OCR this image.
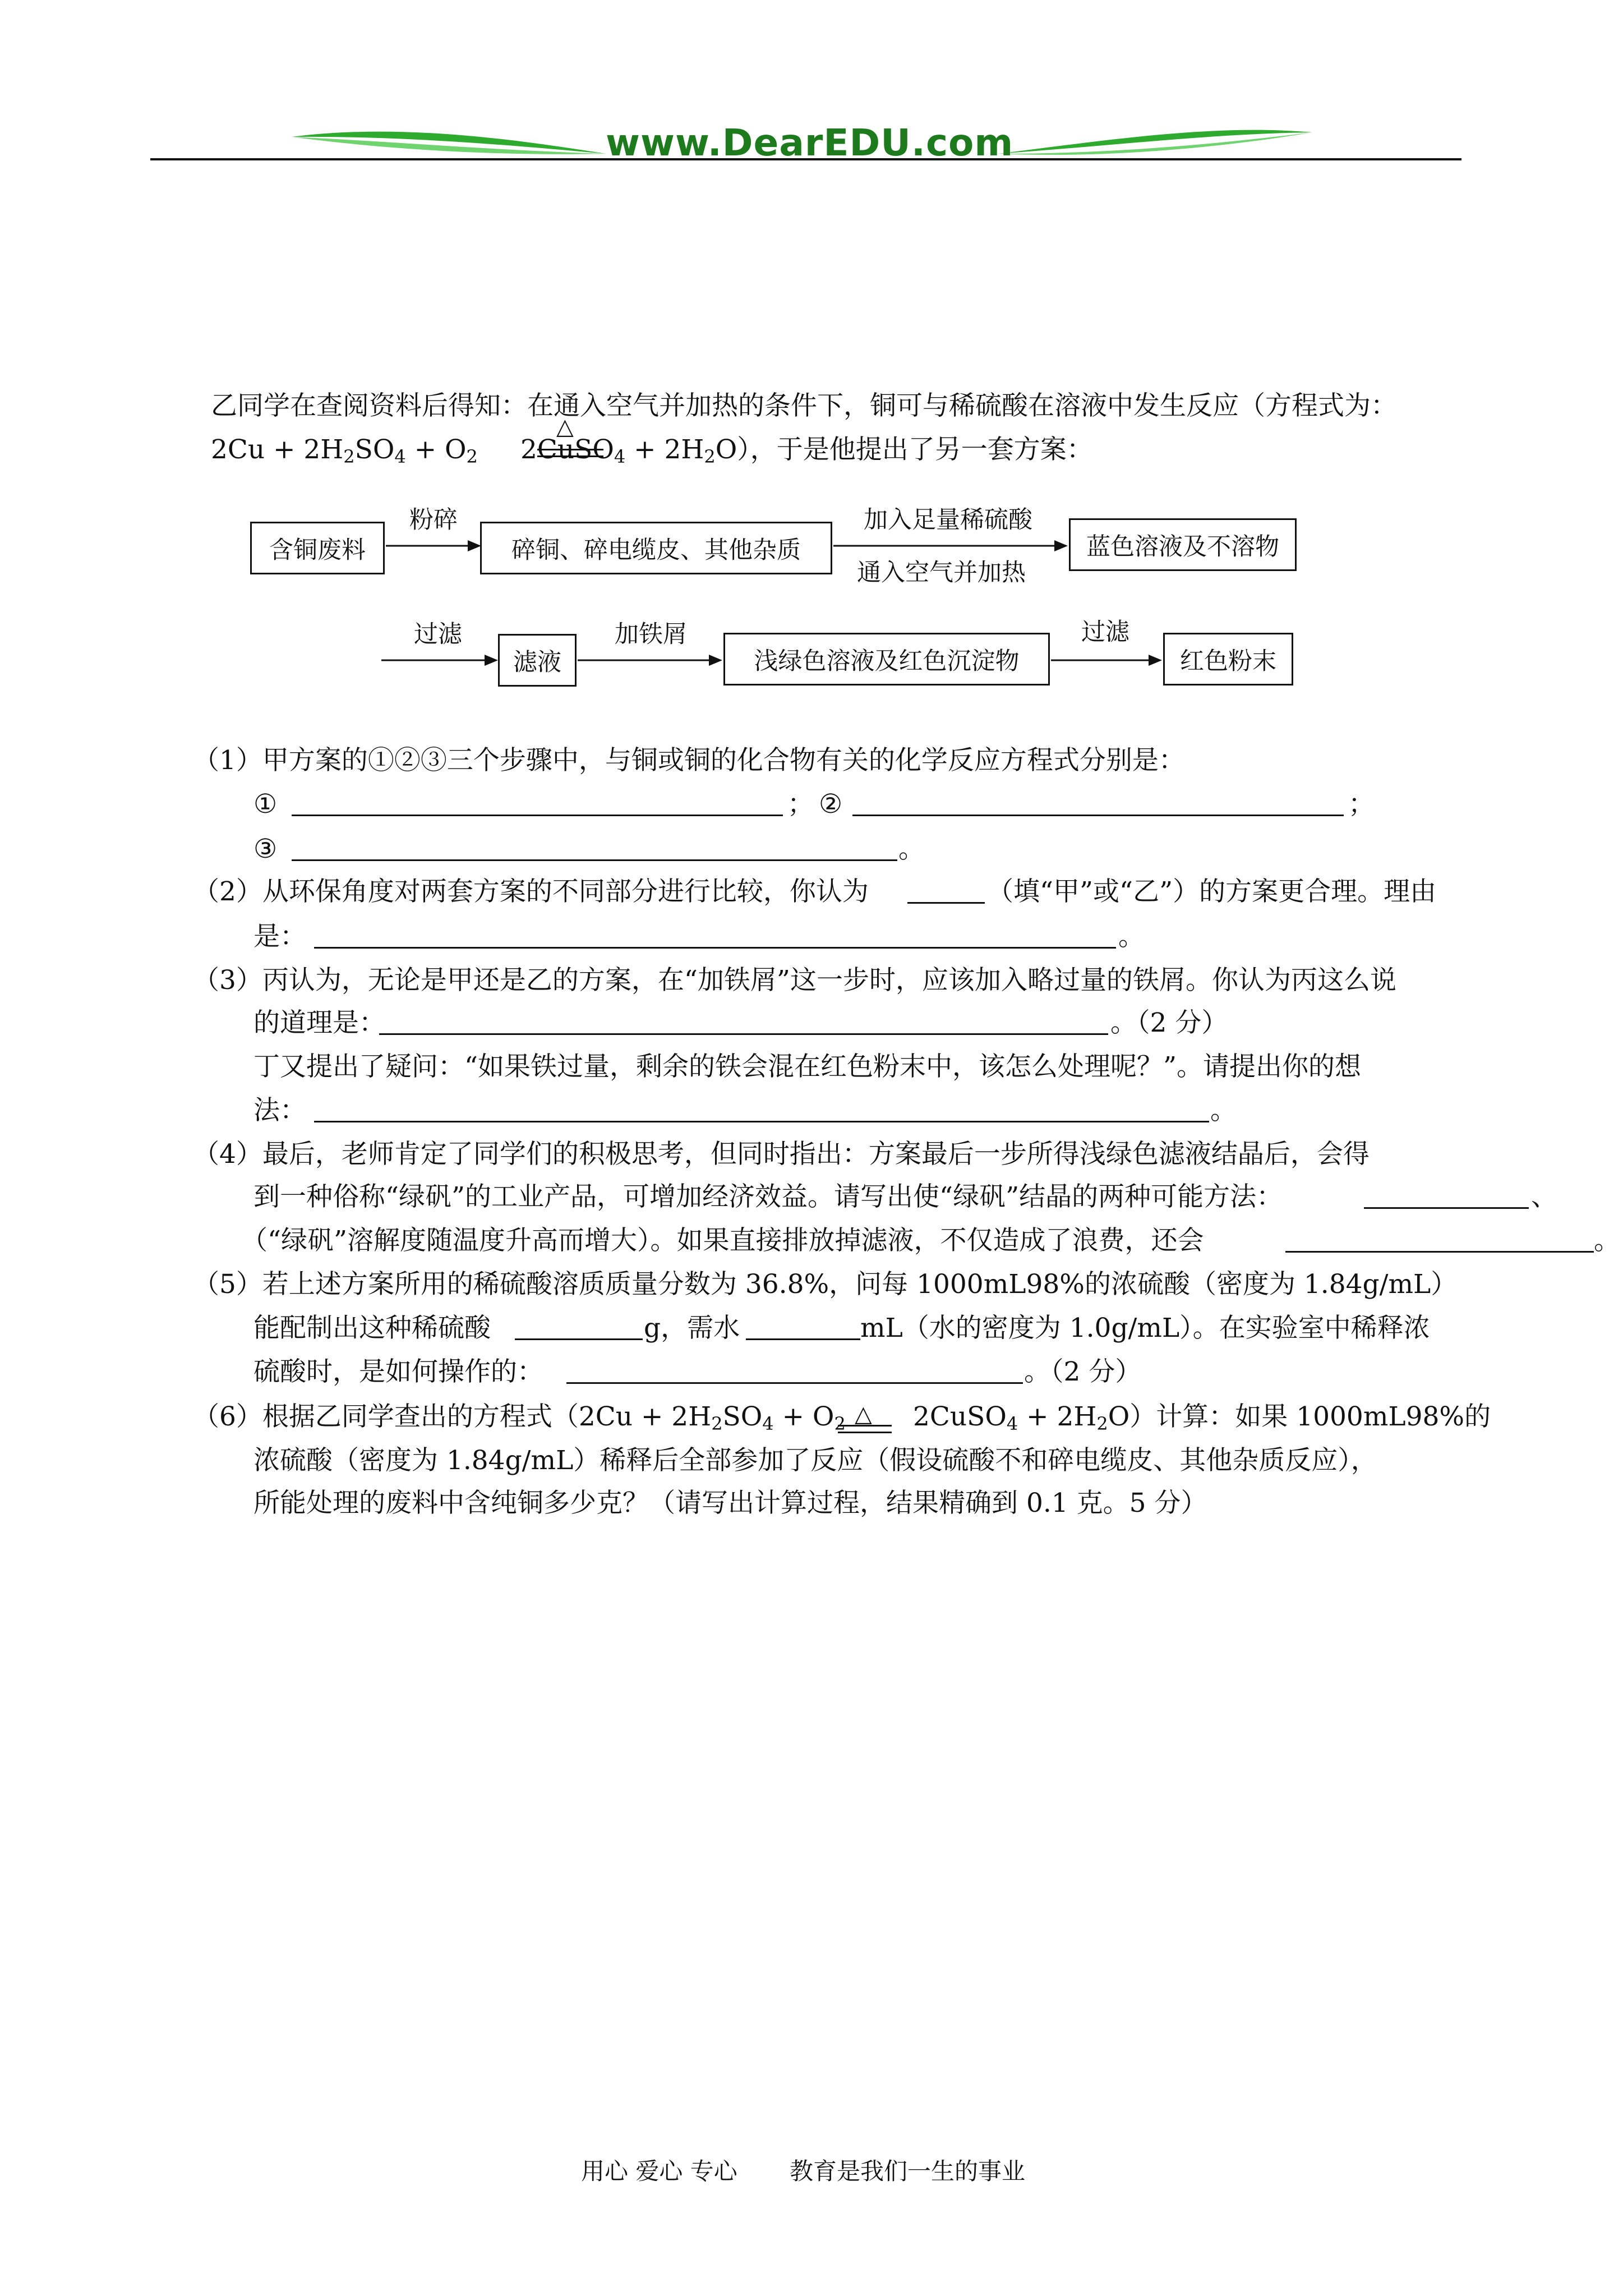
www.DearEDU.com
乙同学在查阅资料后得知：在通入空气并加热的条件下，铜可与稀硫酸在溶液中发生反应（方程式为：
$2Cu + 2H_2SO_4 + O_2$
△
2CuSO$_4$ + $2H_2O$），于是他提出了另一套方案：
含铜废料
粉碎
碎铜、碎电缆皮、其他杂质
加入足量稀硫酸
通入空气并加热
蓝色溶液及不溶物
过滤
滤液
加铁屑
浅绿色溶液及红色沉淀物
过滤
红色粉末
（1）甲方案的①②③三个步骤中，与铜或铜的化合物有关的化学反应方程式分别是：
①	； ②	；
③	。
（2）从环保角度对两套方案的不同部分进行比较，你认为	（填“甲”或“乙”）的方案更合理。理由
是：	。
（3）丙认为，无论是甲还是乙的方案，在“加铁屑”这一步时，应该加入略过量的铁屑。你认为丙这么说
的道理是：	。（2 分）
丁又提出了疑问：“如果铁过量，剩余的铁会混在红色粉末中，该怎么处理呢？”。请提出你的想
法：	。
（4）最后，老师肯定了同学们的积极思考，但同时指出：方案最后一步所得浅绿色滤液结晶后，会得
到一种俗称“绿矾”的工业产品，可增加经济效益。请写出使“绿矾”结晶的两种可能方法：	、
（“绿矾”溶解度随温度升高而增大）。如果直接排放掉滤液，不仅造成了浪费，还会	。
（5）若上述方案所用的稀硫酸溶质质量分数为 36.8%，问每 1000mL98%的浓硫酸（密度为 1.84g/mL）
能配制出这种稀硫酸	g，需水	mL（水的密度为 1.0g/mL）。在实验室中稀释浓
硫酸时，是如何操作的：	。（2 分）
（6）根据乙同学查出的方程式（$2Cu + 2H_2SO_4 + O_2$ △ 2CuSO$_4$ + $2H_2O$）计算：如果 1000mL98%的
浓硫酸（密度为 1.84g/mL）稀释后全部参加了反应（假设硫酸不和碎电缆皮、其他杂质反应），
所能处理的废料中含纯铜多少克？（请写出计算过程，结果精确到 0.1 克。5 分）
用心 爱心 专心 教育是我们一生的事业
